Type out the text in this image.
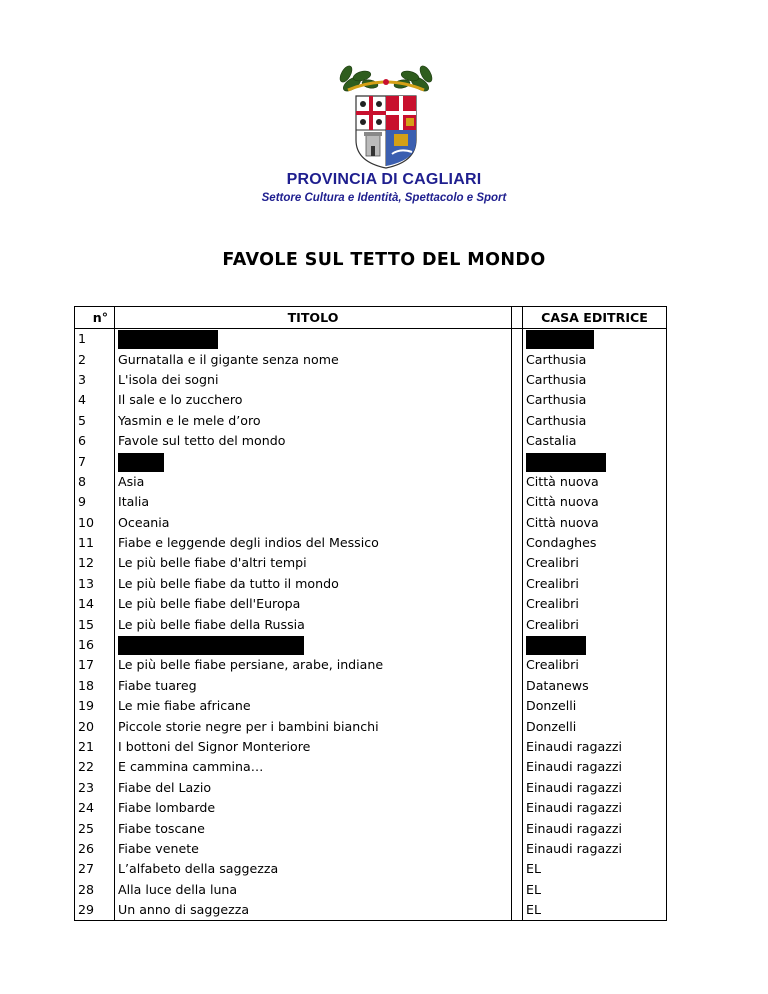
PROVINCIA DI CAGLIARI
Settore Cultura e Identità, Spettacolo e Sport
FAVOLE SUL TETTO DEL MONDO
n°	TITOLO		CASA EDITRICE
1			
2	Gurnatalla e il gigante senza nome		Carthusia
3	L'isola dei sogni		Carthusia
4	Il sale e lo zucchero		Carthusia
5	Yasmin e le mele d’oro		Carthusia
6	Favole sul tetto del mondo		Castalia
7			
8	Asia		Città nuova
9	Italia		Città nuova
10	Oceania		Città nuova
11	Fiabe e leggende degli indios del Messico		Condaghes
12	Le più belle fiabe d'altri tempi		Crealibri
13	Le più belle fiabe da tutto il mondo		Crealibri
14	Le più belle fiabe dell'Europa		Crealibri
15	Le più belle fiabe della Russia		Crealibri
16			
17	Le più belle fiabe persiane, arabe, indiane		Crealibri
18	Fiabe tuareg		Datanews
19	Le mie fiabe africane		Donzelli
20	Piccole storie negre per i bambini bianchi		Donzelli
21	I bottoni del Signor Monteriore		Einaudi ragazzi
22	E cammina cammina…		Einaudi ragazzi
23	Fiabe del Lazio		Einaudi ragazzi
24	Fiabe lombarde		Einaudi ragazzi
25	Fiabe toscane		Einaudi ragazzi
26	Fiabe venete		Einaudi ragazzi
27	L’alfabeto della saggezza		EL
28	Alla luce della luna		EL
29	Un anno di saggezza		EL
